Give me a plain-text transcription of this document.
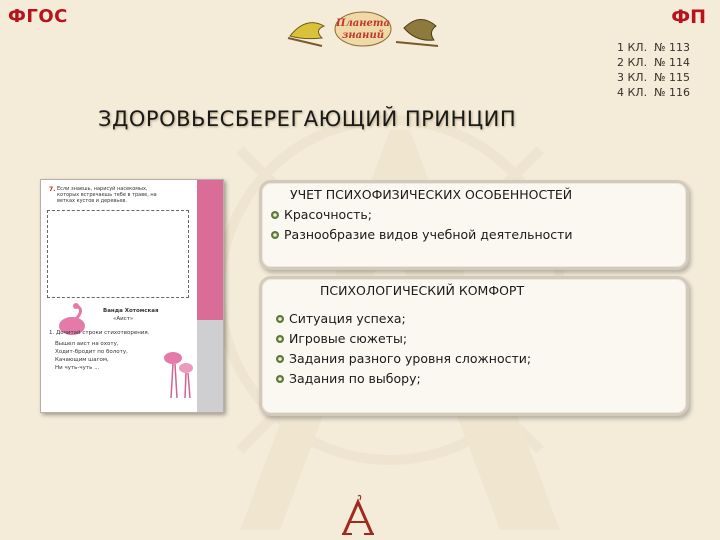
ФГОС	ФП
Планета
знаний
1 КЛ.  № 113
2 КЛ.  № 114
3 КЛ.  № 115
4 КЛ.  № 116
ЗДОРОВЬЕСБЕРЕГАЮЩИЙ ПРИНЦИП
7. Если знаешь, нарисуй насекомых,
которых встречаешь тебе в траве, на
ветках кустов и деревьев.
Ванда Хотомская
«Аист»
1. Дочитай строки стихотворения.
Вышел аист на охоту,
Ходит-бродит по болоту,
Качающим шагом,
Ни чуть-чуть ...
УЧЕТ ПСИХОФИЗИЧЕСКИХ ОСОБЕННОСТЕЙ
Красочность;
Разнообразие видов учебной деятельности
ПСИХОЛОГИЧЕСКИЙ КОМФОРТ
Ситуация успеха;
Игровые сюжеты;
Задания разного уровня сложности;
Задания по выбору;
